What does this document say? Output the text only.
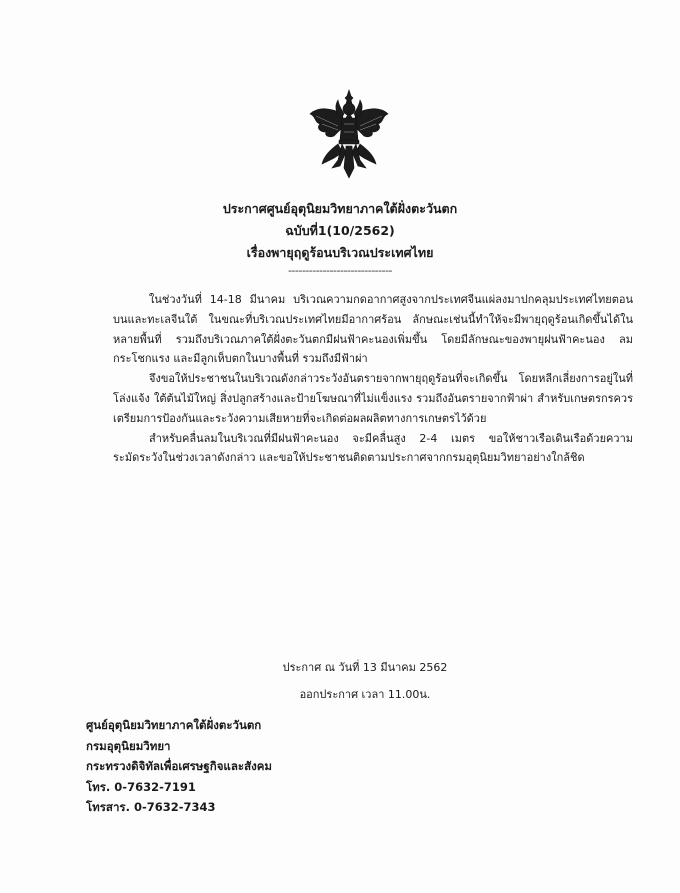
ประกาศศูนย์อุตุนิยมวิทยาภาคใต้ฝั่งตะวันตก
ฉบับที่1(10/2562)
เรื่องพายุฤดูร้อนบริเวณประเทศไทย
------------------------------

ในช่วงวันที่ 14-18 มีนาคม บริเวณความกดอากาศสูงจากประเทศจีนแผ่ลงมาปกคลุมประเทศไทยตอนบนและทะเลจีนใต้ ในขณะที่บริเวณประเทศไทยมีอากาศร้อน ลักษณะเช่นนี้ทำให้จะมีพายุฤดูร้อนเกิดขึ้นได้ในหลายพื้นที่ รวมถึงบริเวณภาคใต้ฝั่งตะวันตกมีฝนฟ้าคะนองเพิ่มขึ้น โดยมีลักษณะของพายุฝนฟ้าคะนอง ลมกระโชกแรง และมีลูกเห็บตกในบางพื้นที่ รวมถึงมีฟ้าผ่า

จึงขอให้ประชาชนในบริเวณดังกล่าวระวังอันตรายจากพายุฤดูร้อนที่จะเกิดขึ้น โดยหลีกเลี่ยงการอยู่ในที่โล่งแจ้ง ใต้ต้นไม้ใหญ่ สิ่งปลูกสร้างและป้ายโฆษณาที่ไม่แข็งแรง รวมถึงอันตรายจากฟ้าผ่า สำหรับเกษตรกรควรเตรียมการป้องกันและระวังความเสียหายที่จะเกิดต่อผลผลิตทางการเกษตรไว้ด้วย

สำหรับคลื่นลมในบริเวณที่มีฝนฟ้าคะนอง จะมีคลื่นสูง 2-4 เมตร ขอให้ชาวเรือเดินเรือด้วยความระมัดระวังในช่วงเวลาดังกล่าว และขอให้ประชาชนติดตามประกาศจากกรมอุตุนิยมวิทยาอย่างใกล้ชิด

ประกาศ ณ วันที่ 13 มีนาคม 2562
ออกประกาศ เวลา 11.00น.
ศูนย์อุตุนิยมวิทยาภาคใต้ฝั่งตะวันตก
กรมอุตุนิยมวิทยา
กระทรวงดิจิทัลเพื่อเศรษฐกิจและสังคม
โทร. 0-7632-7191
โทรสาร. 0-7632-7343
